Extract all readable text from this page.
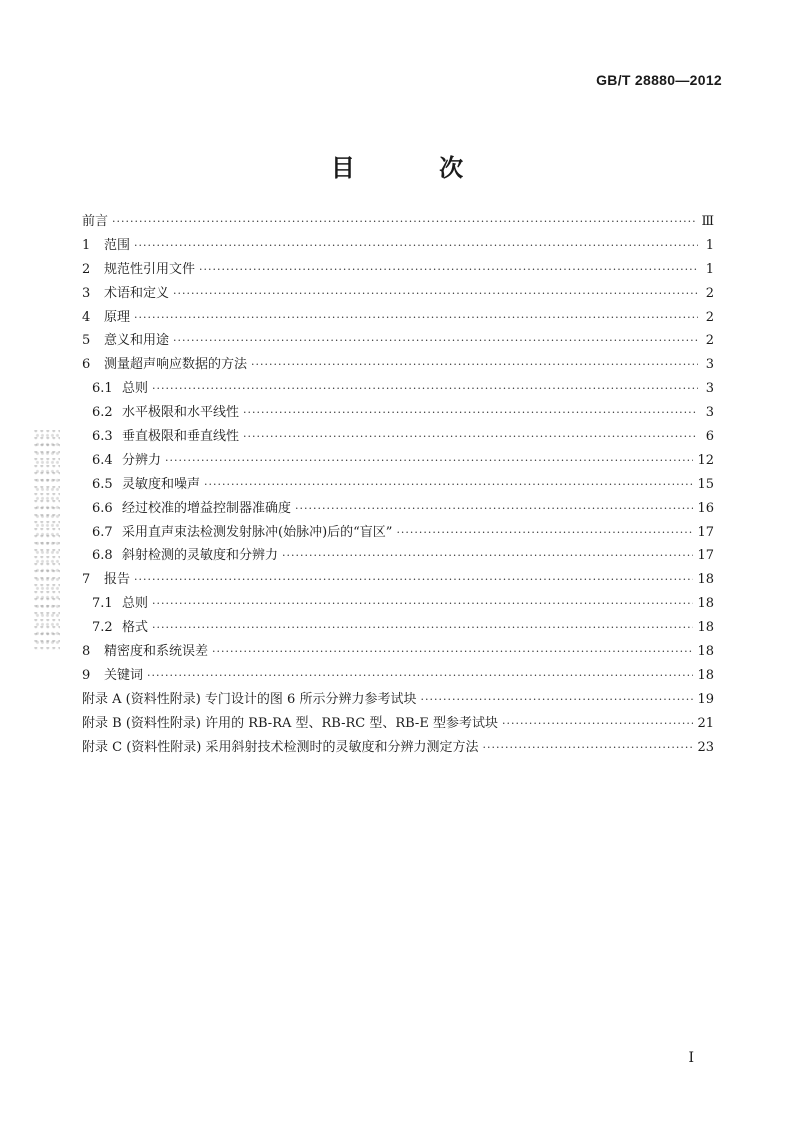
GB/T 28880—2012
目 次
前言 ·····	Ⅲ
1	范围 ·····	1
2	规范性引用文件 ·····	1
3	术语和定义 ·····	2
4	原理 ·····	2
5	意义和用途 ·····	2
6	测量超声响应数据的方法 ·····	3
6.1 总则 ·····	3
6.2 水平极限和水平线性 ·····	3
6.3 垂直极限和垂直线性 ·····	6
6.4 分辨力 ·····	12
6.5 灵敏度和噪声 ·····	15
6.6 经过校准的增益控制器准确度 ·····	16
6.7 采用直声束法检测发射脉冲(始脉冲)后的“盲区” ·····	17
6.8 斜射检测的灵敏度和分辨力 ·····	17
7	报告 ·····	18
7.1 总则 ·····	18
7.2 格式 ·····	18
8	精密度和系统误差 ·····	18
9	关键词 ·····	18
附录 A (资料性附录) 专门设计的图 6 所示分辨力参考试块 ·····	19
附录 B (资料性附录) 许用的 RB-RA 型、RB-RC 型、RB-E 型参考试块 ·····	21
附录 C (资料性附录) 采用斜射技术检测时的灵敏度和分辨力测定方法 ·····	23
Ⅰ
